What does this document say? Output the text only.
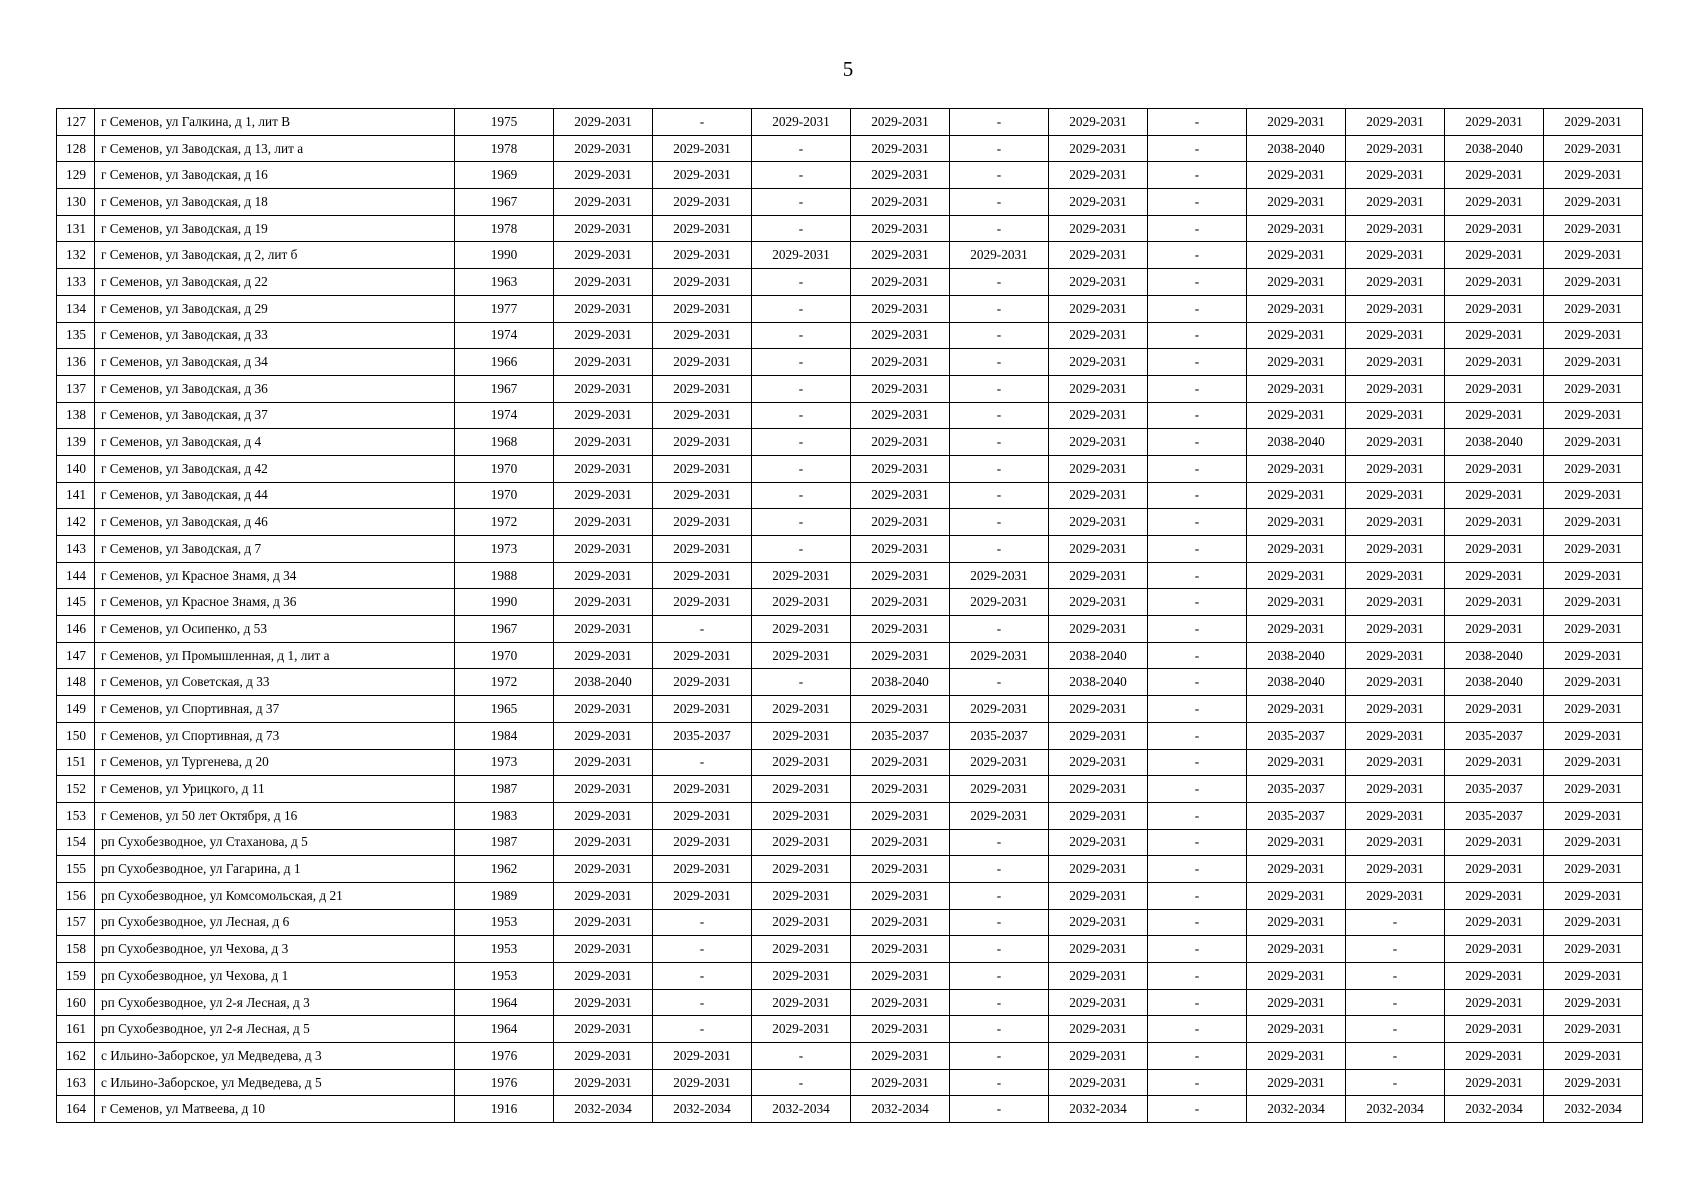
5
127	г Семенов, ул Галкина, д 1, лит В	1975	2029-2031	-	2029-2031	2029-2031	-	2029-2031	-	2029-2031	2029-2031	2029-2031	2029-2031
128	г Семенов, ул Заводская, д 13, лит а	1978	2029-2031	2029-2031	-	2029-2031	-	2029-2031	-	2038-2040	2029-2031	2038-2040	2029-2031
129	г Семенов, ул Заводская, д 16	1969	2029-2031	2029-2031	-	2029-2031	-	2029-2031	-	2029-2031	2029-2031	2029-2031	2029-2031
130	г Семенов, ул Заводская, д 18	1967	2029-2031	2029-2031	-	2029-2031	-	2029-2031	-	2029-2031	2029-2031	2029-2031	2029-2031
131	г Семенов, ул Заводская, д 19	1978	2029-2031	2029-2031	-	2029-2031	-	2029-2031	-	2029-2031	2029-2031	2029-2031	2029-2031
132	г Семенов, ул Заводская, д 2, лит б	1990	2029-2031	2029-2031	2029-2031	2029-2031	2029-2031	2029-2031	-	2029-2031	2029-2031	2029-2031	2029-2031
133	г Семенов, ул Заводская, д 22	1963	2029-2031	2029-2031	-	2029-2031	-	2029-2031	-	2029-2031	2029-2031	2029-2031	2029-2031
134	г Семенов, ул Заводская, д 29	1977	2029-2031	2029-2031	-	2029-2031	-	2029-2031	-	2029-2031	2029-2031	2029-2031	2029-2031
135	г Семенов, ул Заводская, д 33	1974	2029-2031	2029-2031	-	2029-2031	-	2029-2031	-	2029-2031	2029-2031	2029-2031	2029-2031
136	г Семенов, ул Заводская, д 34	1966	2029-2031	2029-2031	-	2029-2031	-	2029-2031	-	2029-2031	2029-2031	2029-2031	2029-2031
137	г Семенов, ул Заводская, д 36	1967	2029-2031	2029-2031	-	2029-2031	-	2029-2031	-	2029-2031	2029-2031	2029-2031	2029-2031
138	г Семенов, ул Заводская, д 37	1974	2029-2031	2029-2031	-	2029-2031	-	2029-2031	-	2029-2031	2029-2031	2029-2031	2029-2031
139	г Семенов, ул Заводская, д 4	1968	2029-2031	2029-2031	-	2029-2031	-	2029-2031	-	2038-2040	2029-2031	2038-2040	2029-2031
140	г Семенов, ул Заводская, д 42	1970	2029-2031	2029-2031	-	2029-2031	-	2029-2031	-	2029-2031	2029-2031	2029-2031	2029-2031
141	г Семенов, ул Заводская, д 44	1970	2029-2031	2029-2031	-	2029-2031	-	2029-2031	-	2029-2031	2029-2031	2029-2031	2029-2031
142	г Семенов, ул Заводская, д 46	1972	2029-2031	2029-2031	-	2029-2031	-	2029-2031	-	2029-2031	2029-2031	2029-2031	2029-2031
143	г Семенов, ул Заводская, д 7	1973	2029-2031	2029-2031	-	2029-2031	-	2029-2031	-	2029-2031	2029-2031	2029-2031	2029-2031
144	г Семенов, ул Красное Знамя, д 34	1988	2029-2031	2029-2031	2029-2031	2029-2031	2029-2031	2029-2031	-	2029-2031	2029-2031	2029-2031	2029-2031
145	г Семенов, ул Красное Знамя, д 36	1990	2029-2031	2029-2031	2029-2031	2029-2031	2029-2031	2029-2031	-	2029-2031	2029-2031	2029-2031	2029-2031
146	г Семенов, ул Осипенко, д 53	1967	2029-2031	-	2029-2031	2029-2031	-	2029-2031	-	2029-2031	2029-2031	2029-2031	2029-2031
147	г Семенов, ул Промышленная, д 1, лит а	1970	2029-2031	2029-2031	2029-2031	2029-2031	2029-2031	2038-2040	-	2038-2040	2029-2031	2038-2040	2029-2031
148	г Семенов, ул Советская, д 33	1972	2038-2040	2029-2031	-	2038-2040	-	2038-2040	-	2038-2040	2029-2031	2038-2040	2029-2031
149	г Семенов, ул Спортивная, д 37	1965	2029-2031	2029-2031	2029-2031	2029-2031	2029-2031	2029-2031	-	2029-2031	2029-2031	2029-2031	2029-2031
150	г Семенов, ул Спортивная, д 73	1984	2029-2031	2035-2037	2029-2031	2035-2037	2035-2037	2029-2031	-	2035-2037	2029-2031	2035-2037	2029-2031
151	г Семенов, ул Тургенева, д 20	1973	2029-2031	-	2029-2031	2029-2031	2029-2031	2029-2031	-	2029-2031	2029-2031	2029-2031	2029-2031
152	г Семенов, ул Урицкого, д 11	1987	2029-2031	2029-2031	2029-2031	2029-2031	2029-2031	2029-2031	-	2035-2037	2029-2031	2035-2037	2029-2031
153	г Семенов, ул 50 лет Октября, д 16	1983	2029-2031	2029-2031	2029-2031	2029-2031	2029-2031	2029-2031	-	2035-2037	2029-2031	2035-2037	2029-2031
154	рп Сухобезводное, ул Стаханова, д 5	1987	2029-2031	2029-2031	2029-2031	2029-2031	-	2029-2031	-	2029-2031	2029-2031	2029-2031	2029-2031
155	рп Сухобезводное, ул Гагарина, д 1	1962	2029-2031	2029-2031	2029-2031	2029-2031	-	2029-2031	-	2029-2031	2029-2031	2029-2031	2029-2031
156	рп Сухобезводное, ул Комсомольская, д 21	1989	2029-2031	2029-2031	2029-2031	2029-2031	-	2029-2031	-	2029-2031	2029-2031	2029-2031	2029-2031
157	рп Сухобезводное, ул Лесная, д 6	1953	2029-2031	-	2029-2031	2029-2031	-	2029-2031	-	2029-2031	-	2029-2031	2029-2031
158	рп Сухобезводное, ул Чехова, д 3	1953	2029-2031	-	2029-2031	2029-2031	-	2029-2031	-	2029-2031	-	2029-2031	2029-2031
159	рп Сухобезводное, ул Чехова, д 1	1953	2029-2031	-	2029-2031	2029-2031	-	2029-2031	-	2029-2031	-	2029-2031	2029-2031
160	рп Сухобезводное, ул 2-я Лесная, д 3	1964	2029-2031	-	2029-2031	2029-2031	-	2029-2031	-	2029-2031	-	2029-2031	2029-2031
161	рп Сухобезводное, ул 2-я Лесная, д 5	1964	2029-2031	-	2029-2031	2029-2031	-	2029-2031	-	2029-2031	-	2029-2031	2029-2031
162	с Ильино-Заборское, ул Медведева, д 3	1976	2029-2031	2029-2031	-	2029-2031	-	2029-2031	-	2029-2031	-	2029-2031	2029-2031
163	с Ильино-Заборское, ул Медведева, д 5	1976	2029-2031	2029-2031	-	2029-2031	-	2029-2031	-	2029-2031	-	2029-2031	2029-2031
164	г Семенов, ул Матвеева, д 10	1916	2032-2034	2032-2034	2032-2034	2032-2034	-	2032-2034	-	2032-2034	2032-2034	2032-2034	2032-2034
